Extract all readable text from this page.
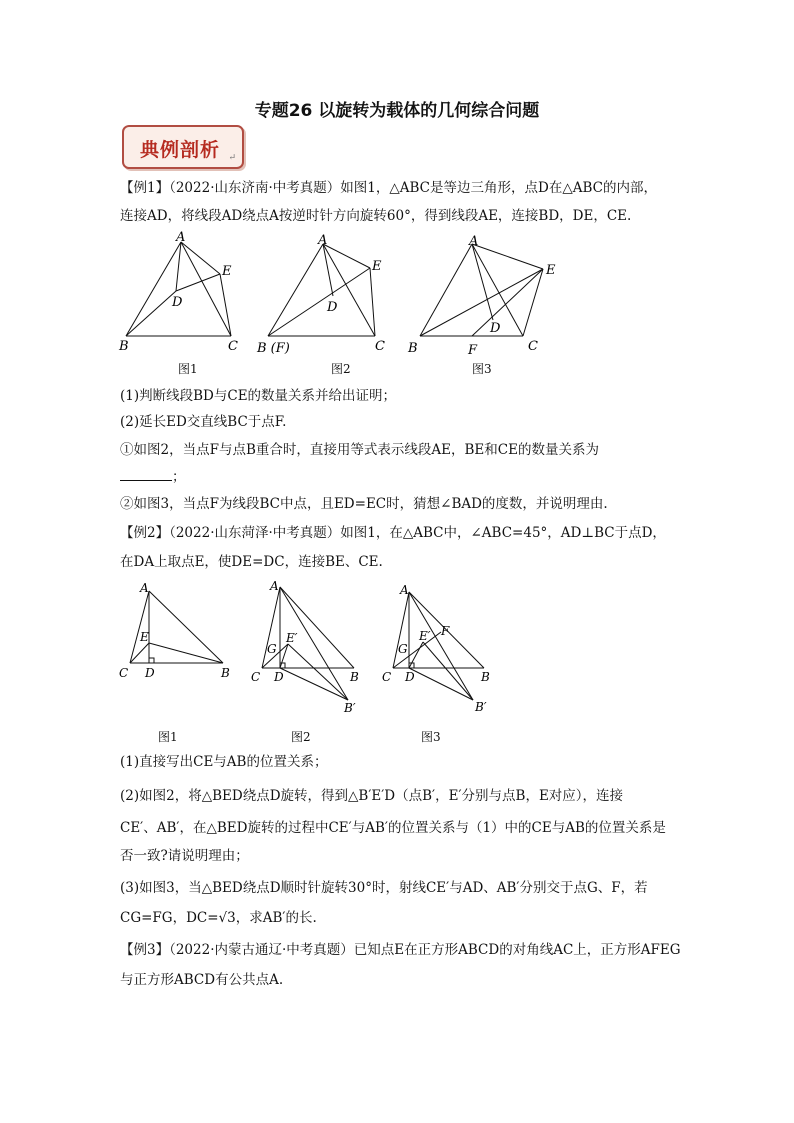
专题26 以旋转为载体的几何综合问题
典例剖析 ↵
【例1】（2022·山东济南·中考真题）如图1，△ABC是等边三角形，点D在△ABC的内部，
连接AD，将线段AD绕点A按逆时针方向旋转60°，得到线段AE，连接BD，DE，CE.
A
E
D
B	C
图1
A
E
D
B (F)	C
图2
A
E
D
B	F	C
图3
(1)判断线段BD与CE的数量关系并给出证明；
(2)延长ED交直线BC于点F.
①如图2，当点F与点B重合时，直接用等式表示线段AE，BE和CE的数量关系为
；
②如图3，当点F为线段BC中点，且ED=EC时，猜想∠BAD的度数，并说明理由.
【例2】（2022·山东菏泽·中考真题）如图1，在△ABC中，∠ABC=45°，AD⊥BC于点D，
在DA上取点E，使DE=DC，连接BE、CE.
A
E
C D	B
图1
A
E′
G
C D	B
B′
图2
A
E′ F
G
C D	B
B′
图3
(1)直接写出CE与AB的位置关系；
(2)如图2，将△BED绕点D旋转，得到△B′E′D（点B′，E′分别与点B，E对应），连接
CE′、AB′，在△BED旋转的过程中CE′与AB′的位置关系与（1）中的CE与AB的位置关系是
否一致?请说明理由；
(3)如图3，当△BED绕点D顺时针旋转30°时，射线CE′与AD、AB′分别交于点G、F，若
CG=FG，DC=√3，求AB′的长.
【例3】（2022·内蒙古通辽·中考真题）已知点E在正方形ABCD的对角线AC上，正方形AFEG
与正方形ABCD有公共点A.
